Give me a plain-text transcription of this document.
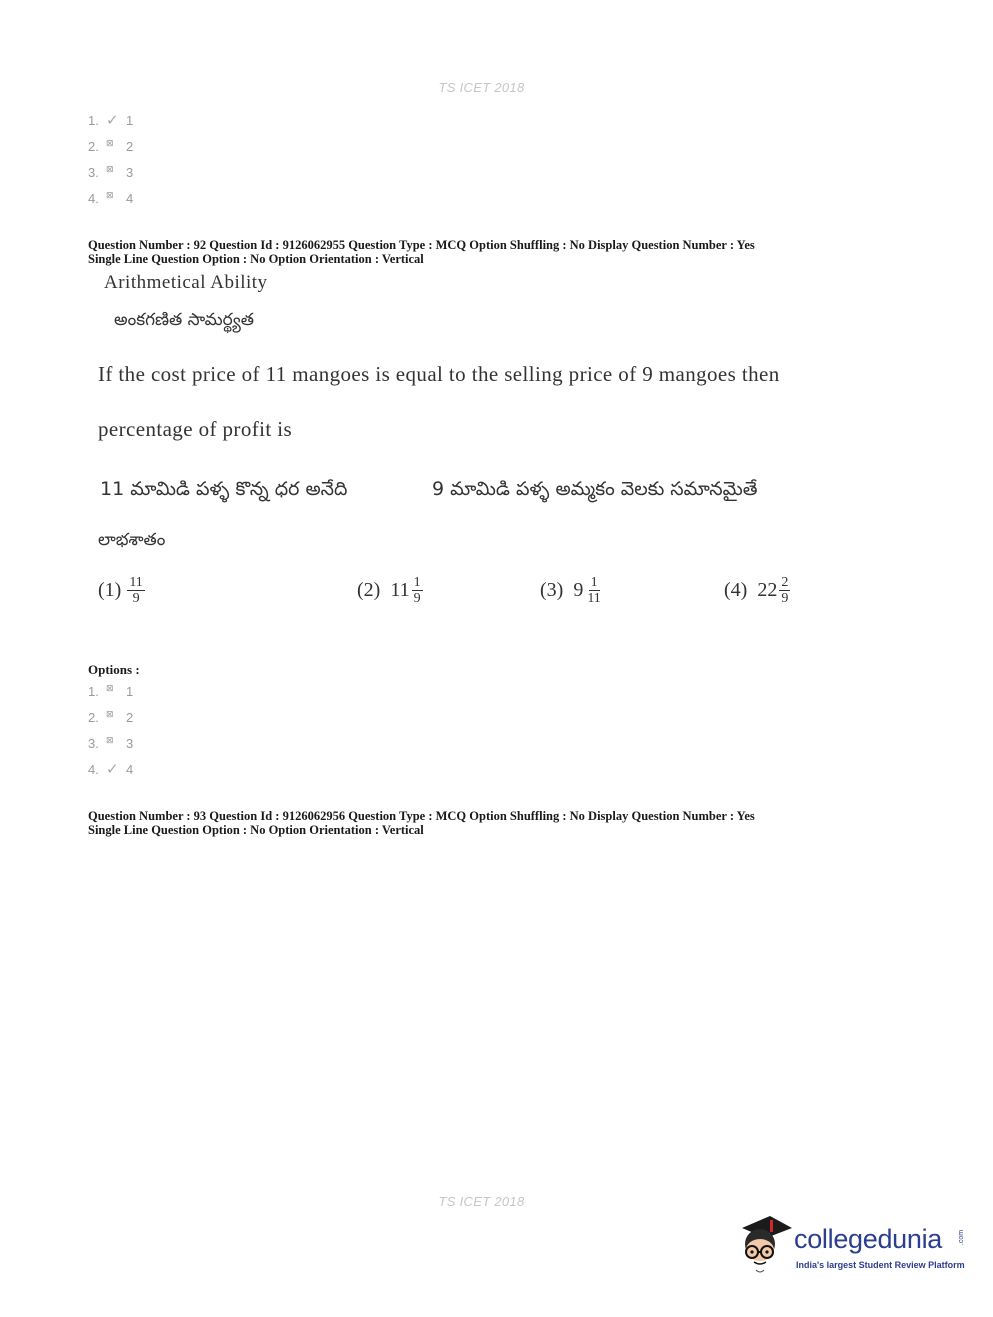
TS ICET 2018
1. ✓ 1
2. ⊠ 2
3. ⊠ 3
4. ⊠ 4
Question Number : 92 Question Id : 9126062955 Question Type : MCQ Option Shuffling : No Display Question Number : Yes
Single Line Question Option : No Option Orientation : Vertical
Arithmetical Ability
అంకగణిత సామర్థ్యత
If the cost price of 11 mangoes is equal to the selling price of 9 mangoes then
percentage of profit is
11 మామిడి పళ్ళ కొన్న ధర అనేది	9 మామిడి పళ్ళ అమ్మకం వెలకు సమానమైతే
లాభశాతం
$(1) \frac{11}{9}$	(2) $11 \frac{1}{9}$	(3) $9 \frac{1}{11}$	(4) $22 \frac{2}{9}$
Options :
1. ⊠ 1
2. ⊠ 2
3. ⊠ 3
4. ✓ 4
Question Number : 93 Question Id : 9126062956 Question Type : MCQ Option Shuffling : No Display Question Number : Yes
Single Line Question Option : No Option Orientation : Vertical
TS ICET 2018
collegedunia .com
India's largest Student Review Platform
